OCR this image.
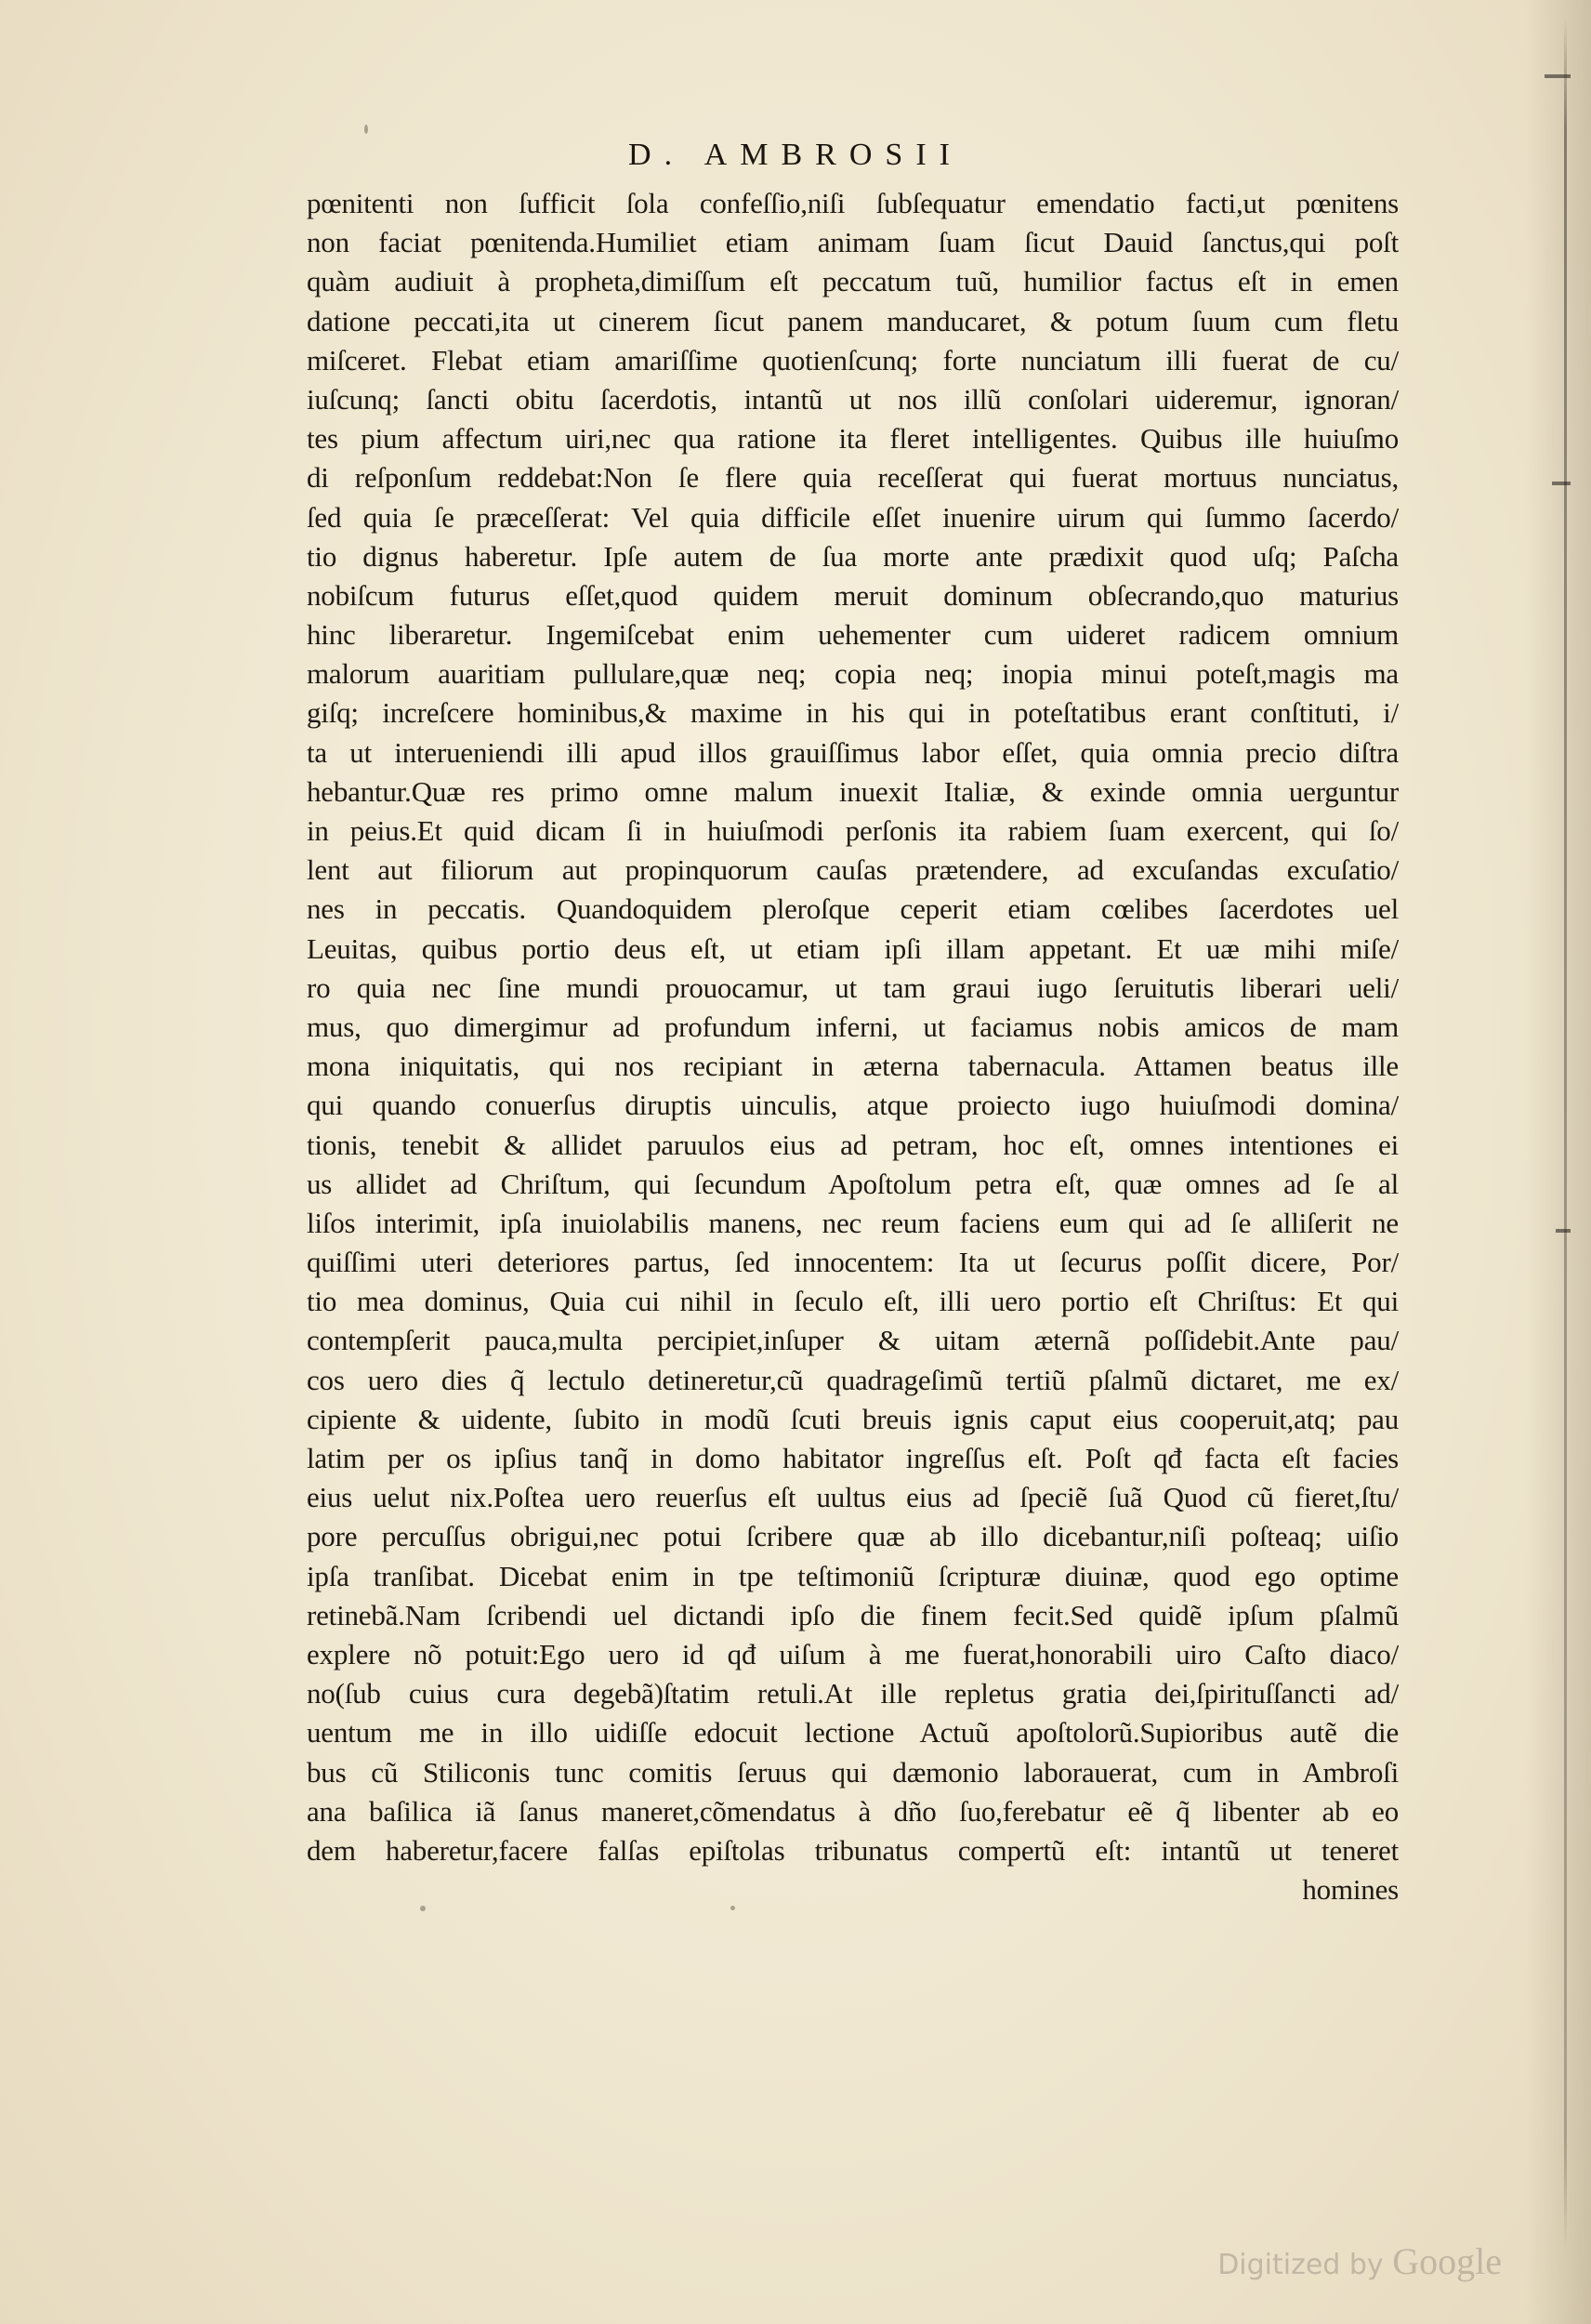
D. AMBROSII
pœnitenti non ſufficit ſola confeſſio,niſi ſubſequatur emendatio facti,ut pœnitens
non faciat pœnitenda.Humiliet etiam animam ſuam ſicut Dauid ſanctus,qui poſt
quàm audiuit à propheta,dimiſſum eſt peccatum tuũ, humilior factus eſt in emen
datione peccati,ita ut cinerem ſicut panem manducaret, & potum ſuum cum fletu
miſceret. Flebat etiam amariſſime quotienſcunq; forte nunciatum illi fuerat de cu/
iuſcunq; ſancti obitu ſacerdotis, intantũ ut nos illũ conſolari uideremur, ignoran/
tes pium affectum uiri,nec qua ratione ita fleret intelligentes. Quibus ille huiuſmo
di reſponſum reddebat:Non ſe flere quia receſſerat qui fuerat mortuus nunciatus,
ſed quia ſe præceſſerat: Vel quia difficile eſſet inuenire uirum qui ſummo ſacerdo/
tio dignus haberetur. Ipſe autem de ſua morte ante prædixit quod uſq; Paſcha
nobiſcum futurus eſſet,quod quidem meruit dominum obſecrando,quo maturius
hinc liberaretur. Ingemiſcebat enim uehementer cum uideret radicem omnium
malorum auaritiam pullulare,quæ neq; copia neq; inopia minui poteſt,magis ma
giſq; increſcere hominibus,& maxime in his qui in poteſtatibus erant conſtituti, i/
ta ut interueniendi illi apud illos grauiſſimus labor eſſet, quia omnia precio diſtra
hebantur.Quæ res primo omne malum inuexit Italiæ, & exinde omnia uerguntur
in peius.Et quid dicam ſi in huiuſmodi perſonis ita rabiem ſuam exercent, qui ſo/
lent aut filiorum aut propinquorum cauſas prætendere, ad excuſandas excuſatio/
nes in peccatis. Quandoquidem pleroſque ceperit etiam cœlibes ſacerdotes uel
Leuitas, quibus portio deus eſt, ut etiam ipſi illam appetant. Et uæ mihi miſe/
ro quia nec ſine mundi prouocamur, ut tam graui iugo ſeruitutis liberari ueli/
mus, quo dimergimur ad profundum inferni, ut faciamus nobis amicos de mam
mona iniquitatis, qui nos recipiant in æterna tabernacula. Attamen beatus ille
qui quando conuerſus diruptis uinculis, atque proiecto iugo huiuſmodi domina/
tionis, tenebit & allidet paruulos eius ad petram, hoc eſt, omnes intentiones ei
us allidet ad Chriſtum, qui ſecundum Apoſtolum petra eſt, quæ omnes ad ſe al
liſos interimit, ipſa inuiolabilis manens, nec reum faciens eum qui ad ſe alliſerit ne
quiſſimi uteri deteriores partus, ſed innocentem: Ita ut ſecurus poſſit dicere, Por/
tio mea dominus, Quia cui nihil in ſeculo eſt, illi uero portio eſt Chriſtus: Et qui
contempſerit pauca,multa percipiet,inſuper & uitam æternã poſſidebit.Ante pau/
cos uero dies q̃ lectulo detineretur,cũ quadrageſimũ tertiũ pſalmũ dictaret, me ex/
cipiente & uidente, ſubito in modũ ſcuti breuis ignis caput eius cooperuit,atq; pau
latim per os ipſius tanq̃ in domo habitator ingreſſus eſt. Poſt qđ facta eſt facies
eius uelut nix.Poſtea uero reuerſus eſt uultus eius ad ſpeciẽ ſuã Quod cũ fieret,ſtu/
pore percuſſus obrigui,nec potui ſcribere quæ ab illo dicebantur,niſi poſteaq; uiſio
ipſa tranſibat. Dicebat enim in tpe teſtimoniũ ſcripturæ diuinæ, quod ego optime
retinebã.Nam ſcribendi uel dictandi ipſo die finem fecit.Sed quidẽ ipſum pſalmũ
explere nõ potuit:Ego uero id qđ uiſum à me fuerat,honorabili uiro Caſto diaco/
no(ſub cuius cura degebã)ſtatim retuli.At ille repletus gratia dei,ſpirituſſancti ad/
uentum me in illo uidiſſe edocuit lectione Actuũ apoſtolorũ.Supioribus autẽ die
bus cũ Stiliconis tunc comitis ſeruus qui dæmonio laborauerat, cum in Ambroſi
ana baſilica iã ſanus maneret,cõmendatus à dño ſuo,ferebatur eẽ q̃ libenter ab eo
dem haberetur,facere falſas epiſtolas tribunatus compertũ eſt: intantũ ut teneret
homines
Digitized by Google
